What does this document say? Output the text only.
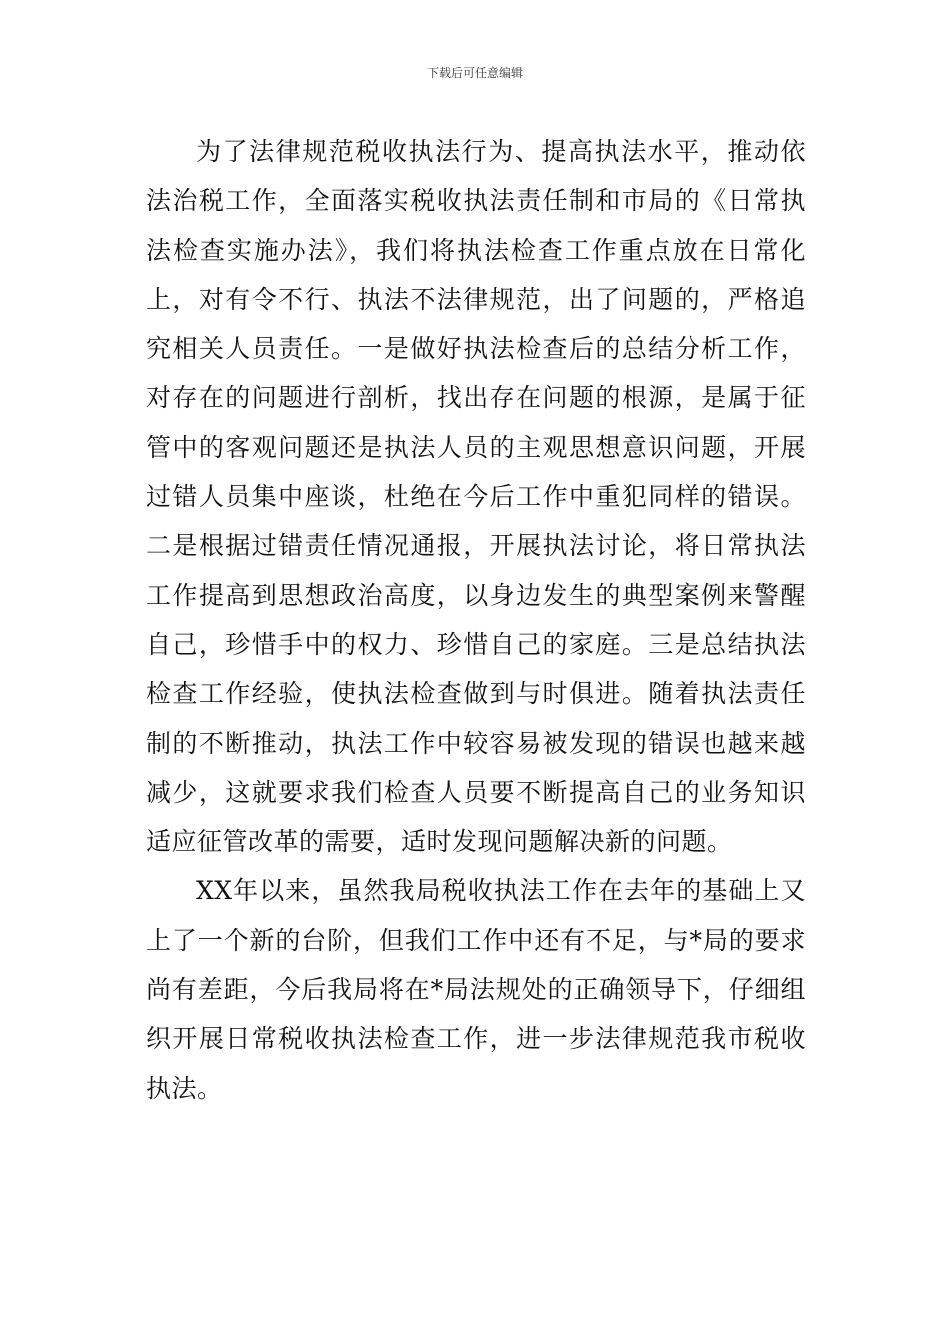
下载后可任意编辑

为了法律规范税收执法行为、提高执法水平，推动依法治税工作，全面落实税收执法责任制和市局的《日常执法检查实施办法》，我们将执法检查工作重点放在日常化上，对有令不行、执法不法律规范，出了问题的，严格追究相关人员责任。一是做好执法检查后的总结分析工作，对存在的问题进行剖析，找出存在问题的根源，是属于征管中的客观问题还是执法人员的主观思想意识问题，开展过错人员集中座谈，杜绝在今后工作中重犯同样的错误。二是根据过错责任情况通报，开展执法讨论，将日常执法工作提高到思想政治高度，以身边发生的典型案例来警醒自己，珍惜手中的权力、珍惜自己的家庭。三是总结执法检查工作经验，使执法检查做到与时俱进。随着执法责任制的不断推动，执法工作中较容易被发现的错误也越来越减少，这就要求我们检查人员要不断提高自己的业务知识适应征管改革的需要，适时发现问题解决新的问题。

XX年以来，虽然我局税收执法工作在去年的基础上又上了一个新的台阶，但我们工作中还有不足，与*局的要求尚有差距，今后我局将在*局法规处的正确领导下，仔细组织开展日常税收执法检查工作，进一步法律规范我市税收执法。
